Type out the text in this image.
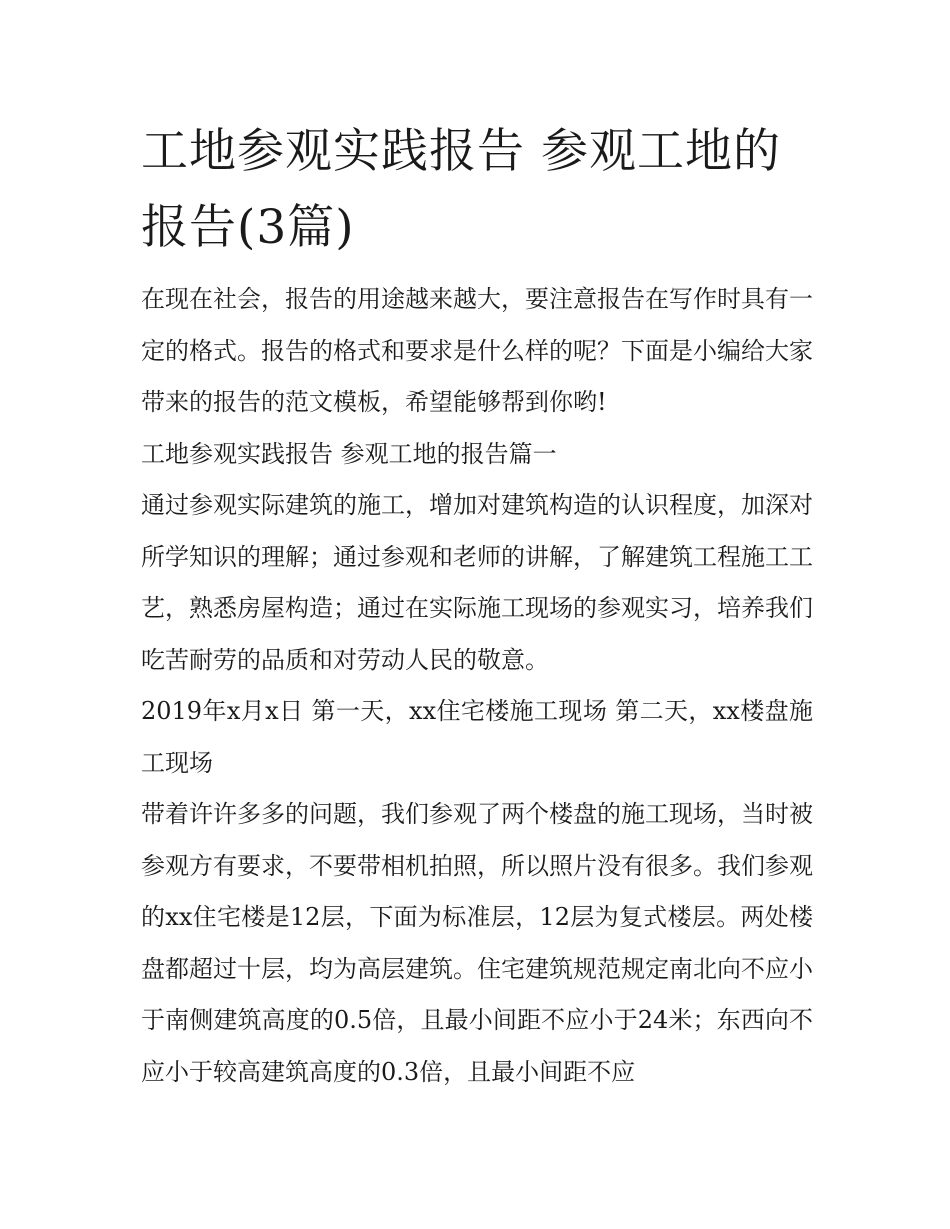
工地参观实践报告 参观工地的报告(3篇)

在现在社会，报告的用途越来越大，要注意报告在写作时具有一定的格式。报告的格式和要求是什么样的呢？下面是小编给大家带来的报告的范文模板，希望能够帮到你哟!

工地参观实践报告 参观工地的报告篇一

通过参观实际建筑的施工，增加对建筑构造的认识程度，加深对所学知识的理解；通过参观和老师的讲解，了解建筑工程施工工艺，熟悉房屋构造；通过在实际施工现场的参观实习，培养我们吃苦耐劳的品质和对劳动人民的敬意。

2019年x月x日 第一天，xx住宅楼施工现场 第二天，xx楼盘施工现场

带着许许多多的问题，我们参观了两个楼盘的施工现场，当时被参观方有要求，不要带相机拍照，所以照片没有很多。我们参观的xx住宅楼是12层，下面为标准层，12层为复式楼层。两处楼盘都超过十层，均为高层建筑。住宅建筑规范规定南北向不应小于南侧建筑高度的0.5倍，且最小间距不应小于24米；东西向不应小于较高建筑高度的0.3倍，且最小间距不应
